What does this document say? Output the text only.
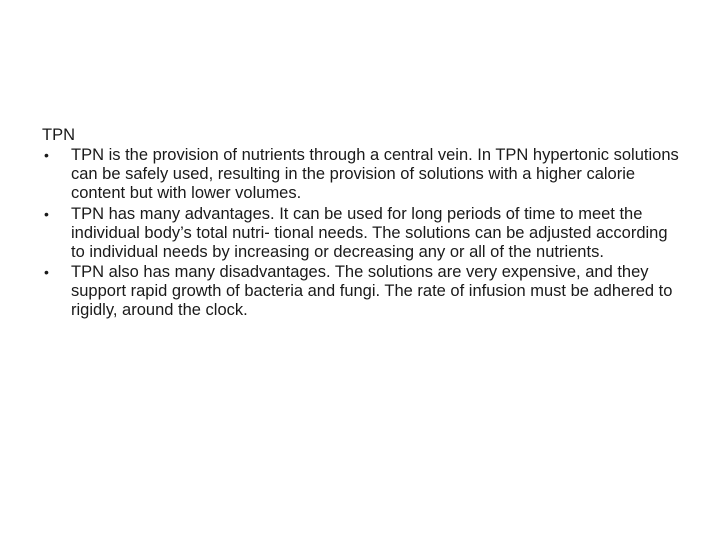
TPN
• TPN is the provision of nutrients through a central vein. In TPN hypertonic solutions can be safely used, resulting in the provision of solutions with a higher calorie content but with lower volumes.
• TPN has many advantages. It can be used for long periods of time to meet the individual body’s total nutri- tional needs. The solutions can be adjusted according to individual needs by increasing or decreasing any or all of the nutrients.
• TPN also has many disadvantages. The solutions are very expensive, and they support rapid growth of bacteria and fungi. The rate of infusion must be adhered to rigidly, around the clock.
